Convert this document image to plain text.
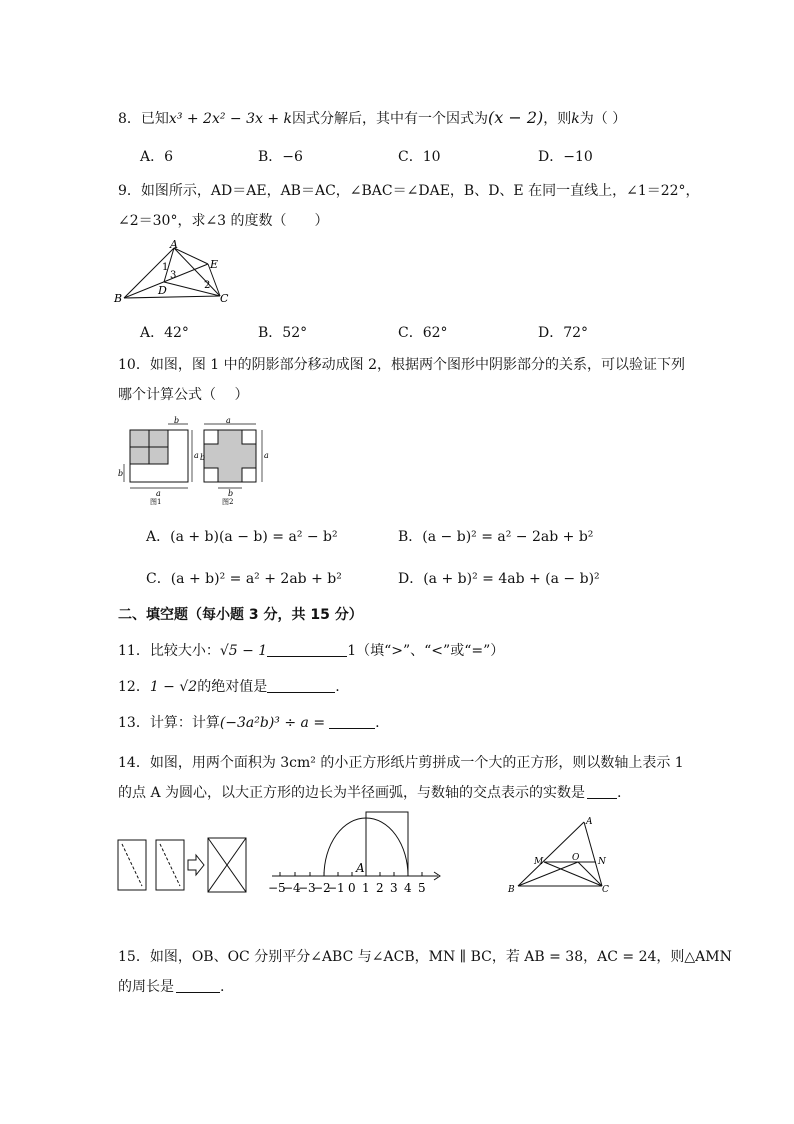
8．已知x³ + 2x² − 3x + k因式分解后，其中有一个因式为(x − 2)，则k为（ ）
A．6	B．−6	C．10	D．−10
9．如图所示，AD＝AE，AB＝AC，∠BAC＝∠DAE，B、D、E 在同一直线上，∠1＝22°，
∠2＝30°，求∠3 的度数（　　）
A
B	C
D
E
1
2
3
A．42°	B．52°	C．62°	D．72°
10．如图，图 1 中的阴影部分移动成图 2，根据两个图形中阴影部分的关系，可以验证下列
哪个计算公式（　 ）
b
a
a
b
图1
a
a
b
b
图2
A．(a + b)(a − b) = a² − b²	B．(a − b)² = a² − 2ab + b²
C．(a + b)² = a² + 2ab + b²	D．(a + b)² = 4ab + (a − b)²
二、填空题（每小题 3 分，共 15 分）
11．比较大小：√5 − 1	1（填“>”、“<”或“=”）
12．1 − √2的绝对值是	.
13．计算：计算(−3a²b)³ ÷ a =	.
14．如图，用两个面积为 3cm² 的小正方形纸片剪拼成一个大的正方形，则以数轴上表示 1
的点 A 为圆心，以大正方形的边长为半径画弧，与数轴的交点表示的实数是 .
A
−5
−4
−3
−2
−1 0 1 2 3 4 5
A
B	C
M	N
O
15．如图，OB、OC 分别平分∠ABC 与∠ACB，MN ∥ BC，若 AB = 38，AC = 24，则△AMN
的周长是	.
